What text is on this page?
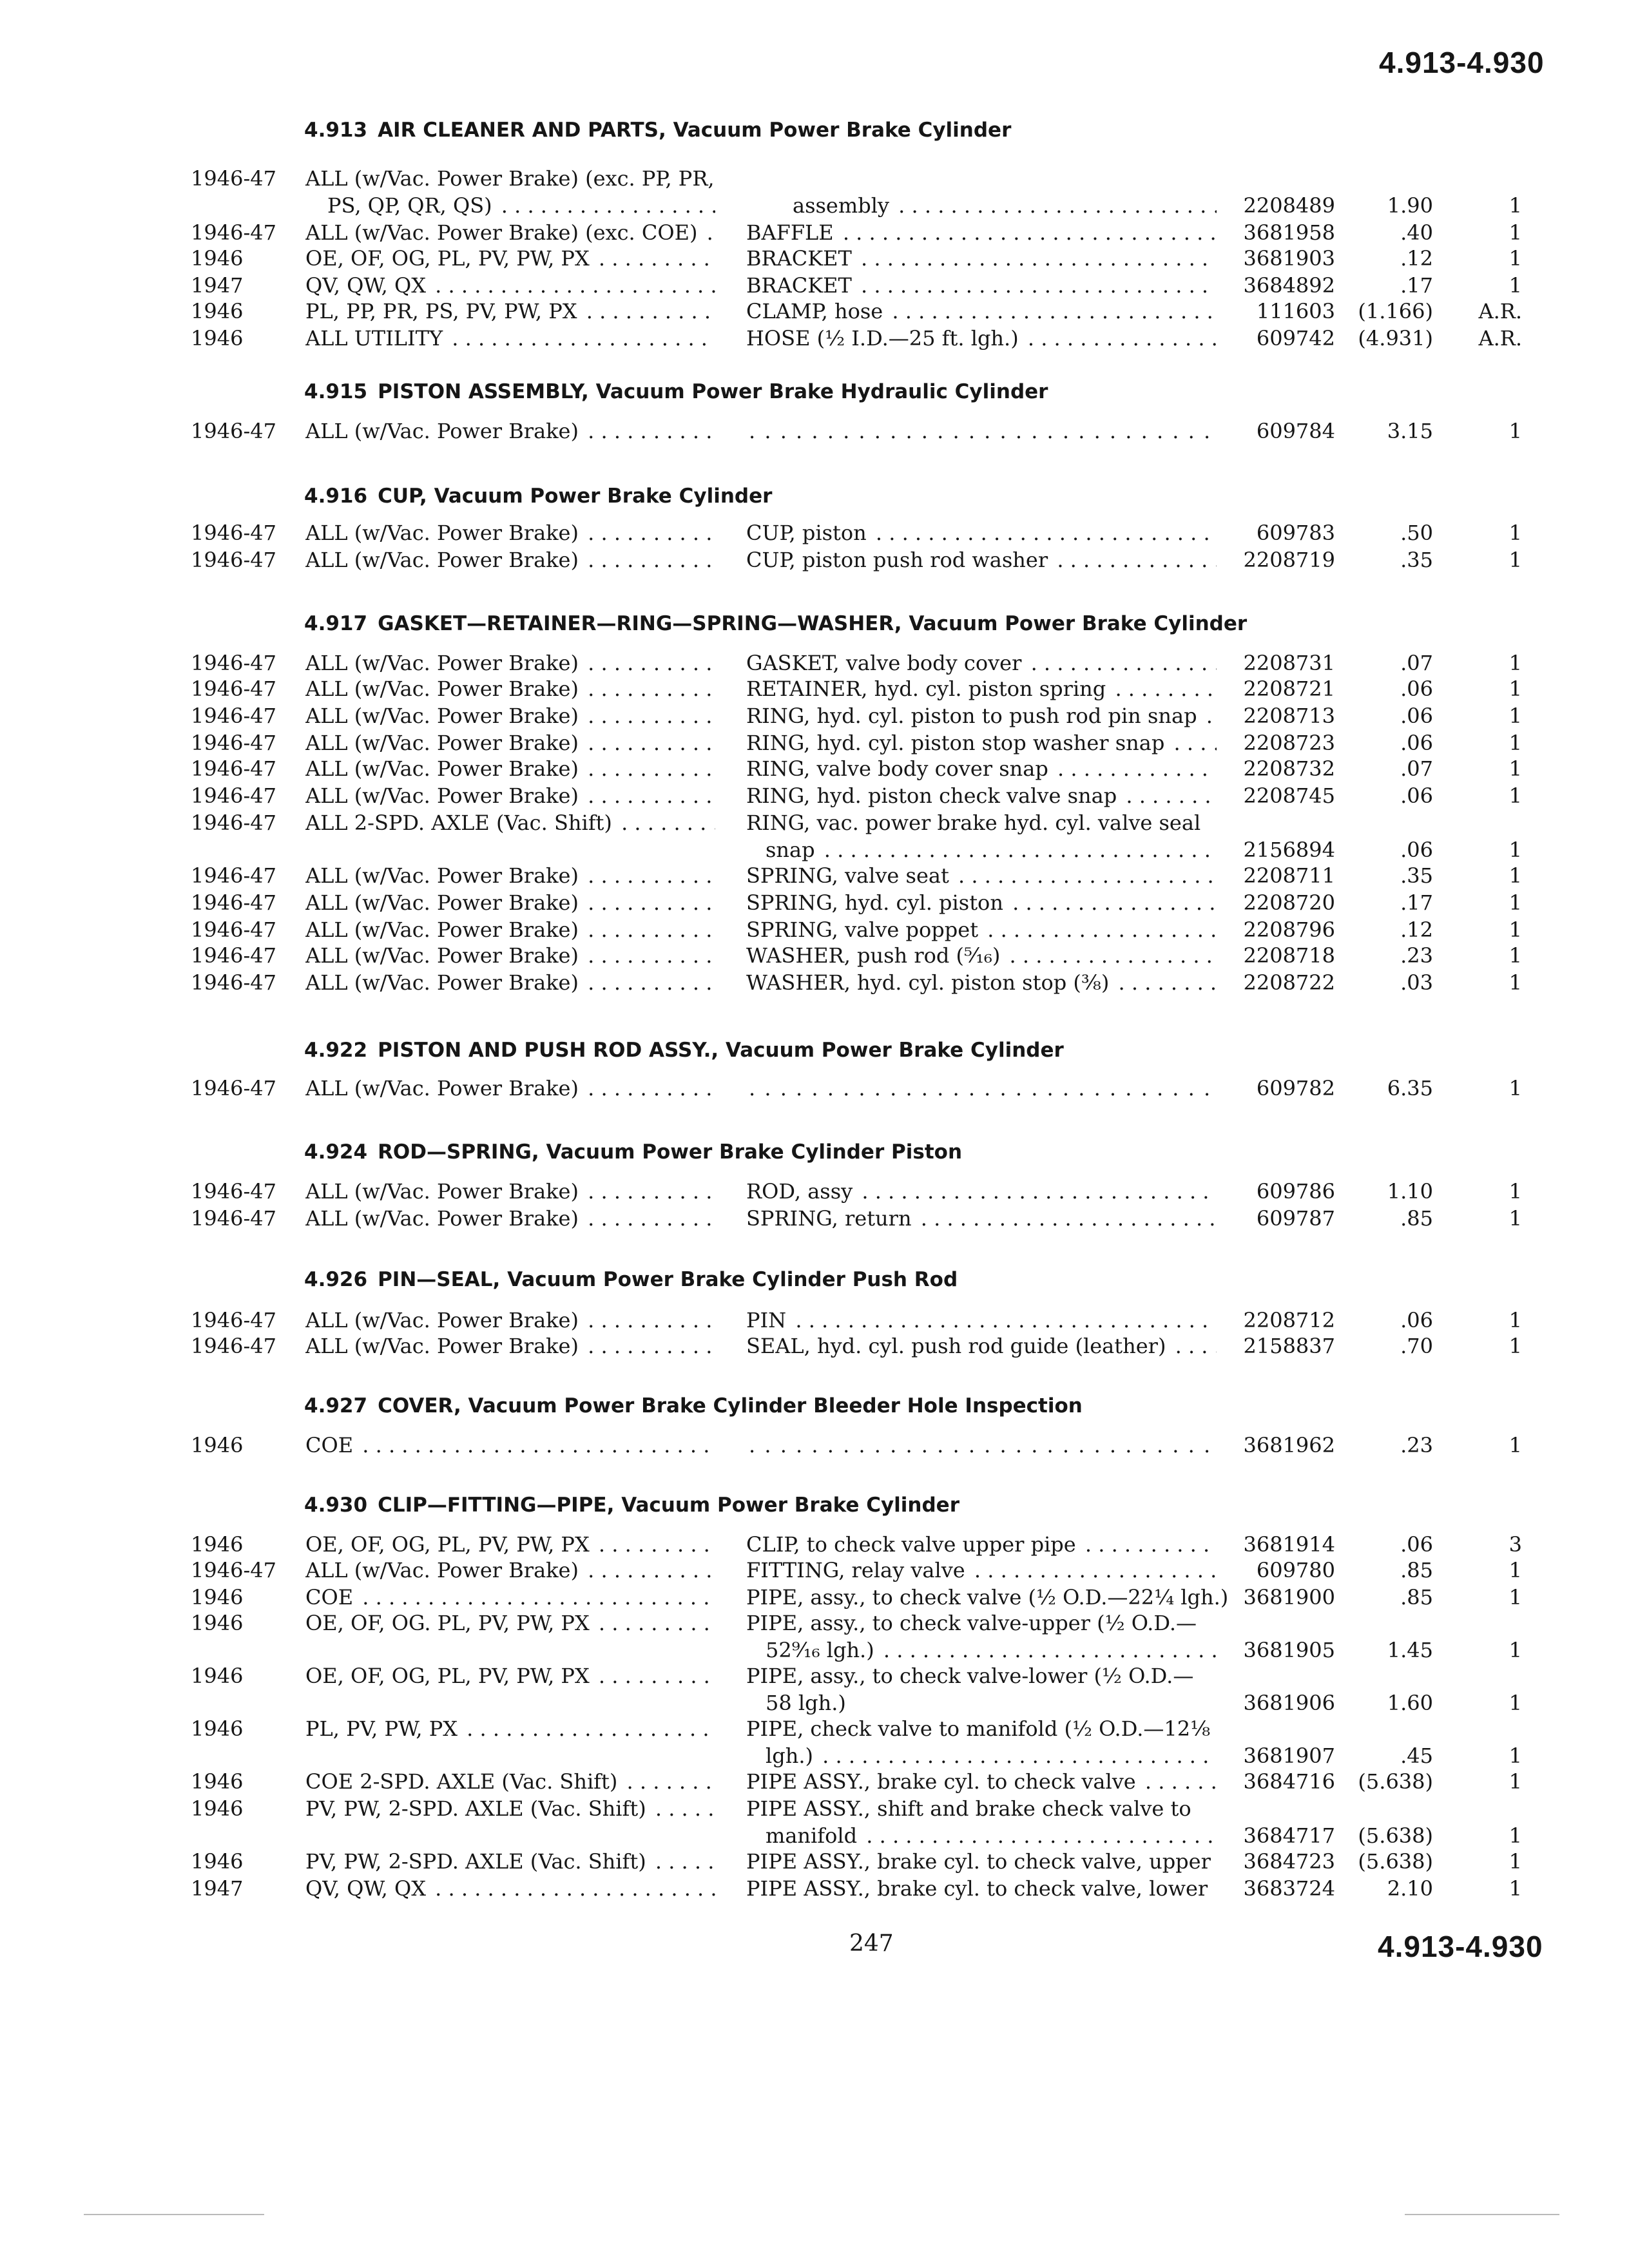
4.913-4.930
4.913 AIR CLEANER AND PARTS, Vacuum Power Brake Cylinder
1946-47 ALL (w/Vac. Power Brake) (exc. PP, PR,
PS, QP, QR, QS) . . .	assembly . . .	2208489	1.90	1
1946-47 ALL (w/Vac. Power Brake) (exc. COE) . . .	BAFFLE . . .	3681958	.40	1
1946	OE, OF, OG, PL, PV, PW, PX . . .	BRACKET . . .	3681903	.12	1
1947	QV, QW, QX . . .	BRACKET . . .	3684892	.17	1
1946	PL, PP, PR, PS, PV, PW, PX . . .	CLAMP, hose . . .	111603 (1.166)	A.R.
1946	ALL UTILITY . . .	HOSE (½ I.D.—25 ft. lgh.) . . .	609742 (4.931)	A.R.
4.915 PISTON ASSEMBLY, Vacuum Power Brake Hydraulic Cylinder
1946-47 ALL (w/Vac. Power Brake) . . . . . .	609784	3.15	1
4.916 CUP, Vacuum Power Brake Cylinder
1946-47 ALL (w/Vac. Power Brake) . . .	CUP, piston . . .	609783	.50	1
1946-47 ALL (w/Vac. Power Brake) . . .	CUP, piston push rod washer . . .	2208719	.35	1
4.917 GASKET—RETAINER—RING—SPRING—WASHER, Vacuum Power Brake Cylinder
1946-47 ALL (w/Vac. Power Brake) . . .	GASKET, valve body cover . . .	2208731	.07	1
1946-47 ALL (w/Vac. Power Brake) . . .	RETAINER, hyd. cyl. piston spring . . .	2208721	.06	1
1946-47 ALL (w/Vac. Power Brake) . . .	RING, hyd. cyl. piston to push rod pin snap . . .	2208713	.06	1
1946-47 ALL (w/Vac. Power Brake) . . .	RING, hyd. cyl. piston stop washer snap . . .	2208723	.06	1
1946-47 ALL (w/Vac. Power Brake) . . .	RING, valve body cover snap . . .	2208732	.07	1
1946-47 ALL (w/Vac. Power Brake) . . .	RING, hyd. piston check valve snap . . .	2208745	.06	1
1946-47 ALL 2-SPD. AXLE (Vac. Shift) . . .	RING, vac. power brake hyd. cyl. valve seal
snap . . .	2156894	.06	1
1946-47 ALL (w/Vac. Power Brake) . . .	SPRING, valve seat . . .	2208711	.35	1
1946-47 ALL (w/Vac. Power Brake) . . .	SPRING, hyd. cyl. piston . . .	2208720	.17	1
1946-47 ALL (w/Vac. Power Brake) . . .	SPRING, valve poppet . . .	2208796	.12	1
1946-47 ALL (w/Vac. Power Brake) . . .	WASHER, push rod (⁵⁄₁₆) . . .	2208718	.23	1
1946-47 ALL (w/Vac. Power Brake) . . .	WASHER, hyd. cyl. piston stop (³⁄₈) . . .	2208722	.03	1
4.922 PISTON AND PUSH ROD ASSY., Vacuum Power Brake Cylinder
1946-47 ALL (w/Vac. Power Brake) . . . . . .	609782	6.35	1
4.924 ROD—SPRING, Vacuum Power Brake Cylinder Piston
1946-47 ALL (w/Vac. Power Brake) . . .	ROD, assy . . .	609786	1.10	1
1946-47 ALL (w/Vac. Power Brake) . . .	SPRING, return . . .	609787	.85	1
4.926 PIN—SEAL, Vacuum Power Brake Cylinder Push Rod
1946-47 ALL (w/Vac. Power Brake) . . .	PIN . . .	2208712	.06	1
1946-47 ALL (w/Vac. Power Brake) . . .	SEAL, hyd. cyl. push rod guide (leather) . . .	2158837	.70	1
4.927 COVER, Vacuum Power Brake Cylinder Bleeder Hole Inspection
1946	COE . . . . . .	3681962	.23	1
4.930 CLIP—FITTING—PIPE, Vacuum Power Brake Cylinder
1946	OE, OF, OG, PL, PV, PW, PX . . .	CLIP, to check valve upper pipe . . .	3681914	.06	3
1946-47 ALL (w/Vac. Power Brake) . . .	FITTING, relay valve . . .	609780	.85	1
1946	COE . . .	PIPE, assy., to check valve (½ O.D.—22¼ lgh.) 3681900	.85	1
1946	OE, OF, OG. PL, PV, PW, PX . . .	PIPE, assy., to check valve-upper (½ O.D.—
52⁹⁄₁₆ lgh.) . . .	3681905	1.45	1
1946	OE, OF, OG, PL, PV, PW, PX . . .	PIPE, assy., to check valve-lower (½ O.D.—
58 lgh.)	3681906	1.60	1
1946	PL, PV, PW, PX . . .	PIPE, check valve to manifold (½ O.D.—12⅛
lgh.) . . .	3681907	.45	1
1946	COE 2-SPD. AXLE (Vac. Shift) . . .	PIPE ASSY., brake cyl. to check valve . . .	3684716 (5.638)	1
1946	PV, PW, 2-SPD. AXLE (Vac. Shift) . . .	PIPE ASSY., shift and brake check valve to
manifold . . .	3684717 (5.638)	1
1946	PV, PW, 2-SPD. AXLE (Vac. Shift) . . .	PIPE ASSY., brake cyl. to check valve, upper . . . 3684723 (5.638)	1
1947	QV, QW, QX . . .	PIPE ASSY., brake cyl. to check valve, lower . . .	3683724	2.10	1
247	4.913-4.930
